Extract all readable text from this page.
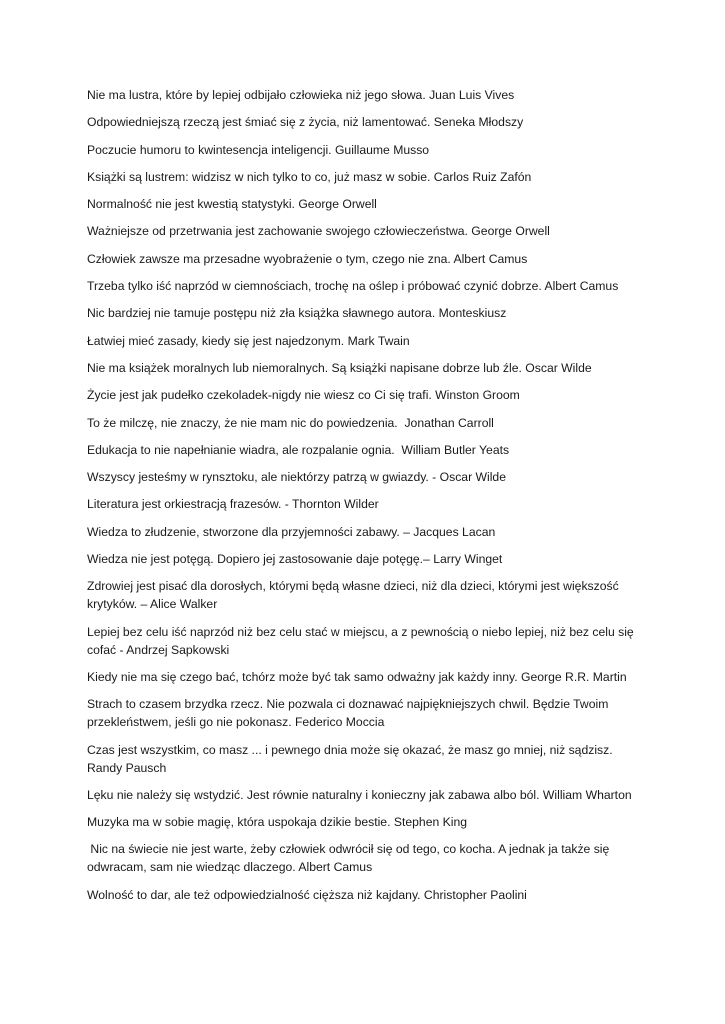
Nie ma lustra, które by lepiej odbijało człowieka niż jego słowa. Juan Luis Vives
Odpowiedniejszą rzeczą jest śmiać się z życia, niż lamentować. Seneka Młodszy
Poczucie humoru to kwintesencja inteligencji. Guillaume Musso
Książki są lustrem: widzisz w nich tylko to co, już masz w sobie. Carlos Ruiz Zafón
Normalność nie jest kwestią statystyki. George Orwell
Ważniejsze od przetrwania jest zachowanie swojego człowieczeństwa. George Orwell
Człowiek zawsze ma przesadne wyobrażenie o tym, czego nie zna. Albert Camus
Trzeba tylko iść naprzód w ciemnościach, trochę na oślep i próbować czynić dobrze. Albert Camus
Nic bardziej nie tamuje postępu niż zła książka sławnego autora. Monteskiusz
Łatwiej mieć zasady, kiedy się jest najedzonym. Mark Twain
Nie ma książek moralnych lub niemoralnych. Są książki napisane dobrze lub źle. Oscar Wilde
Życie jest jak pudełko czekoladek-nigdy nie wiesz co Ci się trafi. Winston Groom
To że milczę, nie znaczy, że nie mam nic do powiedzenia.  Jonathan Carroll
Edukacja to nie napełnianie wiadra, ale rozpalanie ognia.  William Butler Yeats
Wszyscy jesteśmy w rynsztoku, ale niektórzy patrzą w gwiazdy. - Oscar Wilde
Literatura jest orkiestracją frazesów. - Thornton Wilder
Wiedza to złudzenie, stworzone dla przyjemności zabawy. – Jacques Lacan
Wiedza nie jest potęgą. Dopiero jej zastosowanie daje potęgę.– Larry Winget
Zdrowiej jest pisać dla dorosłych, którymi będą własne dzieci, niż dla dzieci, którymi jest większość krytyków. – Alice Walker
Lepiej bez celu iść naprzód niż bez celu stać w miejscu, a z pewnością o niebo lepiej, niż bez celu się cofać - Andrzej Sapkowski
Kiedy nie ma się czego bać, tchórz może być tak samo odważny jak każdy inny. George R.R. Martin
Strach to czasem brzydka rzecz. Nie pozwala ci doznawać najpiękniejszych chwil. Będzie Twoim przekleństwem, jeśli go nie pokonasz. Federico Moccia
Czas jest wszystkim, co masz ... i pewnego dnia może się okazać, że masz go mniej, niż sądzisz. Randy Pausch
Lęku nie należy się wstydzić. Jest równie naturalny i konieczny jak zabawa albo ból. William Wharton
Muzyka ma w sobie magię, która uspokaja dzikie bestie. Stephen King
Nic na świecie nie jest warte, żeby człowiek odwrócił się od tego, co kocha. A jednak ja także się odwracam, sam nie wiedząc dlaczego. Albert Camus
Wolność to dar, ale też odpowiedzialność cięższa niż kajdany. Christopher Paolini
